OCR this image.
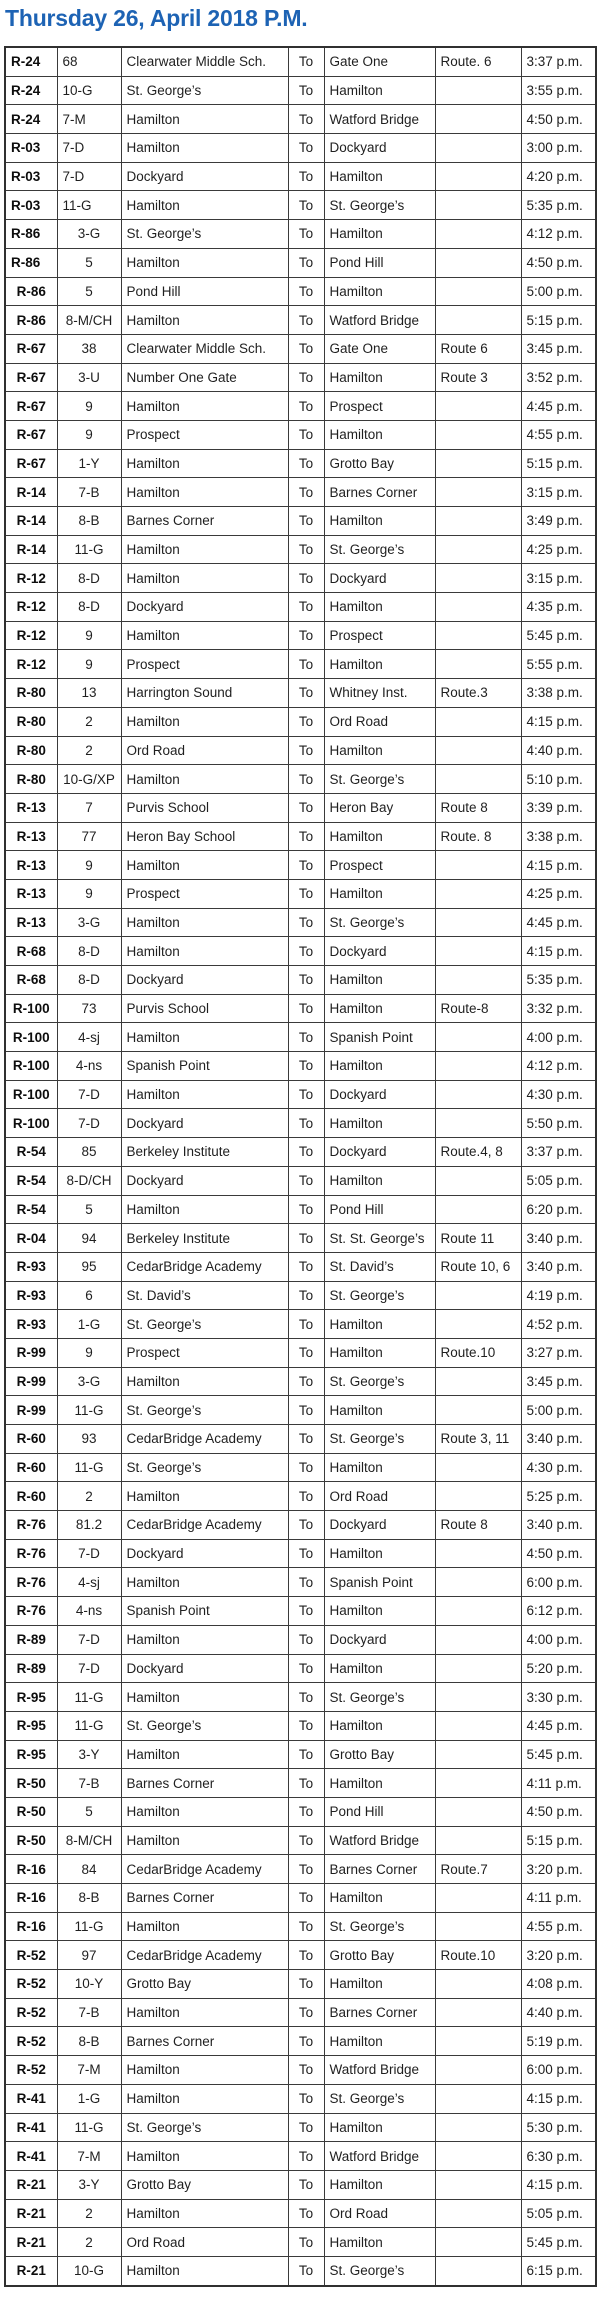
Thursday 26, April 2018 P.M.
R-24	68	Clearwater Middle Sch.	To	Gate One	Route. 6	3:37 p.m.
R-24	10-G	St. George’s	To	Hamilton		3:55 p.m.
R-24	7-M	Hamilton	To	Watford Bridge		4:50 p.m.
R-03	7-D	Hamilton	To	Dockyard		3:00 p.m.
R-03	7-D	Dockyard	To	Hamilton		4:20 p.m.
R-03	11-G	Hamilton	To	St. George’s		5:35 p.m.
R-86	3-G	St. George’s	To	Hamilton		4:12 p.m.
R-86	5	Hamilton	To	Pond Hill		4:50 p.m.
R-86	5	Pond Hill	To	Hamilton		5:00 p.m.
R-86	8-M/CH	Hamilton	To	Watford Bridge		5:15 p.m.
R-67	38	Clearwater Middle Sch.	To	Gate One	Route 6	3:45 p.m.
R-67	3-U	Number One Gate	To	Hamilton	Route 3	3:52 p.m.
R-67	9	Hamilton	To	Prospect		4:45 p.m.
R-67	9	Prospect	To	Hamilton		4:55 p.m.
R-67	1-Y	Hamilton	To	Grotto Bay		5:15 p.m.
R-14	7-B	Hamilton	To	Barnes Corner		3:15 p.m.
R-14	8-B	Barnes Corner	To	Hamilton		3:49 p.m.
R-14	11-G	Hamilton	To	St. George’s		4:25 p.m.
R-12	8-D	Hamilton	To	Dockyard		3:15 p.m.
R-12	8-D	Dockyard	To	Hamilton		4:35 p.m.
R-12	9	Hamilton	To	Prospect		5:45 p.m.
R-12	9	Prospect	To	Hamilton		5:55 p.m.
R-80	13	Harrington Sound	To	Whitney Inst.	Route.3	3:38 p.m.
R-80	2	Hamilton	To	Ord Road		4:15 p.m.
R-80	2	Ord Road	To	Hamilton		4:40 p.m.
R-80	10-G/XP	Hamilton	To	St. George’s		5:10 p.m.
R-13	7	Purvis School	To	Heron Bay	Route 8	3:39 p.m.
R-13	77	Heron Bay School	To	Hamilton	Route. 8	3:38 p.m.
R-13	9	Hamilton	To	Prospect		4:15 p.m.
R-13	9	Prospect	To	Hamilton		4:25 p.m.
R-13	3-G	Hamilton	To	St. George’s		4:45 p.m.
R-68	8-D	Hamilton	To	Dockyard		4:15 p.m.
R-68	8-D	Dockyard	To	Hamilton		5:35 p.m.
R-100	73	Purvis School	To	Hamilton	Route-8	3:32 p.m.
R-100	4-sj	Hamilton	To	Spanish Point		4:00 p.m.
R-100	4-ns	Spanish Point	To	Hamilton		4:12 p.m.
R-100	7-D	Hamilton	To	Dockyard		4:30 p.m.
R-100	7-D	Dockyard	To	Hamilton		5:50 p.m.
R-54	85	Berkeley Institute	To	Dockyard	Route.4, 8	3:37 p.m.
R-54	8-D/CH	Dockyard	To	Hamilton		5:05 p.m.
R-54	5	Hamilton	To	Pond Hill		6:20 p.m.
R-04	94	Berkeley Institute	To	St. St. George’s	Route 11	3:40 p.m.
R-93	95	CedarBridge Academy	To	St. David’s	Route 10, 6	3:40 p.m.
R-93	6	St. David’s	To	St. George’s		4:19 p.m.
R-93	1-G	St. George’s	To	Hamilton		4:52 p.m.
R-99	9	Prospect	To	Hamilton	Route.10	3:27 p.m.
R-99	3-G	Hamilton	To	St. George’s		3:45 p.m.
R-99	11-G	St. George’s	To	Hamilton		5:00 p.m.
R-60	93	CedarBridge Academy	To	St. George’s	Route 3, 11	3:40 p.m.
R-60	11-G	St. George’s	To	Hamilton		4:30 p.m.
R-60	2	Hamilton	To	Ord Road		5:25 p.m.
R-76	81.2	CedarBridge Academy	To	Dockyard	Route 8	3:40 p.m.
R-76	7-D	Dockyard	To	Hamilton		4:50 p.m.
R-76	4-sj	Hamilton	To	Spanish Point		6:00 p.m.
R-76	4-ns	Spanish Point	To	Hamilton		6:12 p.m.
R-89	7-D	Hamilton	To	Dockyard		4:00 p.m.
R-89	7-D	Dockyard	To	Hamilton		5:20 p.m.
R-95	11-G	Hamilton	To	St. George’s		3:30 p.m.
R-95	11-G	St. George’s	To	Hamilton		4:45 p.m.
R-95	3-Y	Hamilton	To	Grotto Bay		5:45 p.m.
R-50	7-B	Barnes Corner	To	Hamilton		4:11 p.m.
R-50	5	Hamilton	To	Pond Hill		4:50 p.m.
R-50	8-M/CH	Hamilton	To	Watford Bridge		5:15 p.m.
R-16	84	CedarBridge Academy	To	Barnes Corner	Route.7	3:20 p.m.
R-16	8-B	Barnes Corner	To	Hamilton		4:11 p.m.
R-16	11-G	Hamilton	To	St. George’s		4:55 p.m.
R-52	97	CedarBridge Academy	To	Grotto Bay	Route.10	3:20 p.m.
R-52	10-Y	Grotto Bay	To	Hamilton		4:08 p.m.
R-52	7-B	Hamilton	To	Barnes Corner		4:40 p.m.
R-52	8-B	Barnes Corner	To	Hamilton		5:19 p.m.
R-52	7-M	Hamilton	To	Watford Bridge		6:00 p.m.
R-41	1-G	Hamilton	To	St. George’s		4:15 p.m.
R-41	11-G	St. George’s	To	Hamilton		5:30 p.m.
R-41	7-M	Hamilton	To	Watford Bridge		6:30 p.m.
R-21	3-Y	Grotto Bay	To	Hamilton		4:15 p.m.
R-21	2	Hamilton	To	Ord Road		5:05 p.m.
R-21	2	Ord Road	To	Hamilton		5:45 p.m.
R-21	10-G	Hamilton	To	St. George’s		6:15 p.m.
